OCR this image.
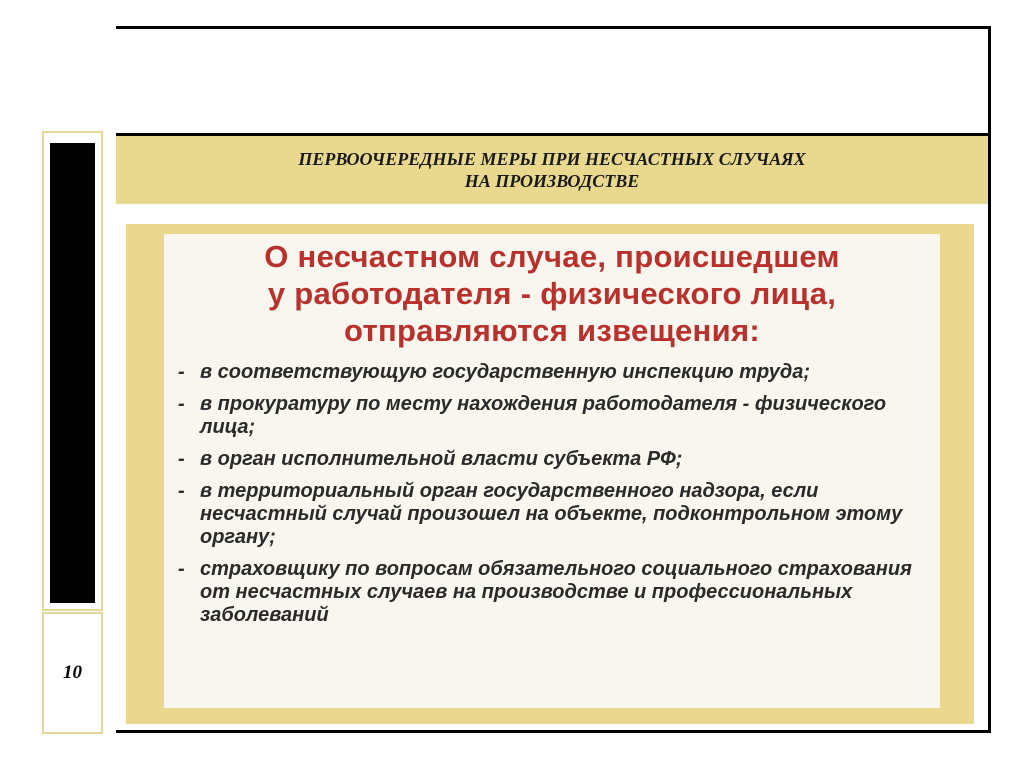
10
ПЕРВООЧЕРЕДНЫЕ МЕРЫ ПРИ НЕСЧАСТНЫХ СЛУЧАЯХ
НА ПРОИЗВОДСТВЕ
О несчастном случае, происшедшем
у работодателя - физического лица,
отправляются извещения:
- в соответствующую государственную инспекцию труда;
- в прокуратуру по месту нахождения работодателя - физического лица;
- в орган исполнительной власти субъекта РФ;
- в территориальный орган государственного надзора, если несчастный случай произошел на объекте, подконтрольном этому органу;
- страховщику по вопросам обязательного социального страхования от несчастных случаев на производстве и профессиональных заболеваний
